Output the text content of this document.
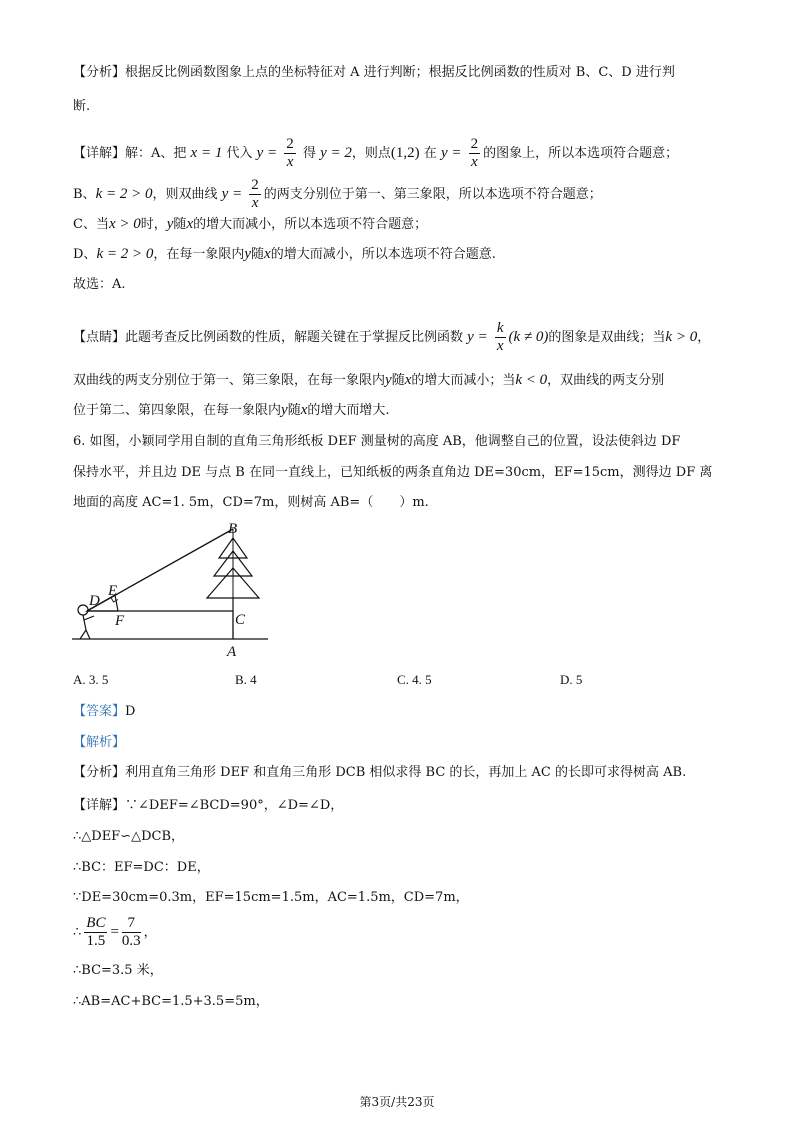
【分析】根据反比例函数图象上点的坐标特征对 A 进行判断；根据反比例函数的性质对 B、C、D 进行判
断.
【详解】解：A、把 x = 1 代入 $y = \frac{2}{x}$ 得 y = 2，则点(1,2) 在 $y = \frac{2}{x}$ 的图象上，所以本选项符合题意；
B、k = 2 > 0，则双曲线 $y = \frac{2}{x}$ 的两支分别位于第一、第三象限，所以本选项不符合题意；
C、当x > 0时，y随x的增大而减小，所以本选项不符合题意；
D、k = 2 > 0，在每一象限内y随x的增大而减小，所以本选项不符合题意.
故选：A.
【点睛】此题考查反比例函数的性质，解题关键在于掌握反比例函数 $y = \frac{k}{x} (k \ne 0)$的图象是双曲线；当k > 0，
双曲线的两支分别位于第一、第三象限，在每一象限内y随x的增大而减小；当k < 0，双曲线的两支分别
位于第二、第四象限，在每一象限内y随x的增大而增大.
6. 如图，小颖同学用自制的直角三角形纸板 DEF 测量树的高度 AB，他调整自己的位置，设法使斜边 DF
保持水平，并且边 DE 与点 B 在同一直线上，已知纸板的两条直角边 DE=30cm，EF=15cm，测得边 DF 离
地面的高度 AC=1. 5m，CD=7m，则树高 AB=（　　）m.
B
E
D
F	C
A
A. 3. 5	B. 4	C. 4. 5	D. 5
【答案】D
【解析】
【分析】利用直角三角形 DEF 和直角三角形 DCB 相似求得 BC 的长，再加上 AC 的长即可求得树高 AB.
【详解】∵∠DEF=∠BCD=90°，∠D=∠D，
∴△DEF∽△DCB，
∴BC：EF=DC：DE，
∵DE=30cm=0.3m，EF=15cm=1.5m，AC=1.5m，CD=7m，
∴ $\frac{BC}{1.5} = \frac{7}{0.3}$ ，
∴BC=3.5 米，
∴AB=AC+BC=1.5+3.5=5m，
第3页/共23页
